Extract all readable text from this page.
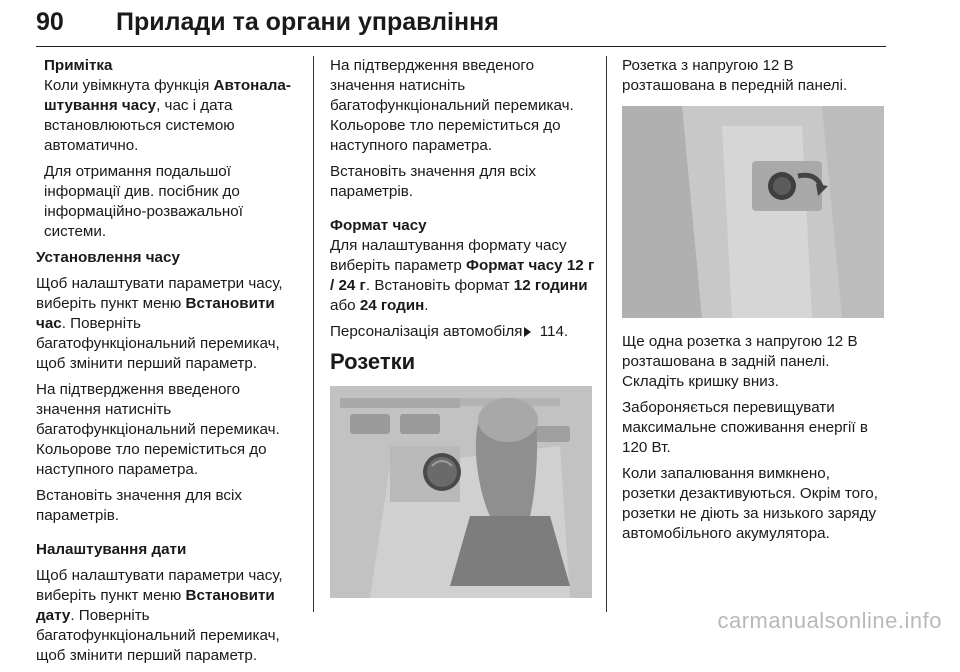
90 Прилади та органи управління

Примітка

Коли увімкнута функція Автонала-штування часу, час і дата встановлюються системою автоматично.

Для отримання подальшої інформації див. посібник до інформаційно-розважальної системи.

Установлення часу

Щоб налаштувати параметри часу, виберіть пункт меню Встановити час. Поверніть багатофункціональний перемикач, щоб змінити перший параметр.

На підтвердження введеного значення натисніть багатофункціональний перемикач. Кольорове тло переміститься до наступного параметра.

Встановіть значення для всіх параметрів.

Налаштування дати

Щоб налаштувати параметри часу, виберіть пункт меню Встановити дату. Поверніть багатофункціональний перемикач, щоб змінити перший параметр.

На підтвердження введеного значення натисніть багатофункціональний перемикач. Кольорове тло переміститься до наступного параметра.

Встановіть значення для всіх параметрів.

Формат часу

Для налаштування формату часу виберіть параметр Формат часу 12 г / 24 г. Встановіть формат 12 години або 24 годин.

Персоналізація автомобіля 114.

Розетки

Розетка з напругою 12 В розташована в передній панелі.

Ще одна розетка з напругою 12 В розташована в задній панелі. Складіть кришку вниз.

Забороняється перевищувати максимальне споживання енергії в 120 Вт.

Коли запалювання вимкнено, розетки дезактивуються. Окрім того, розетки не діють за низького заряду автомобільного акумулятора.

carmanualsonline.info
